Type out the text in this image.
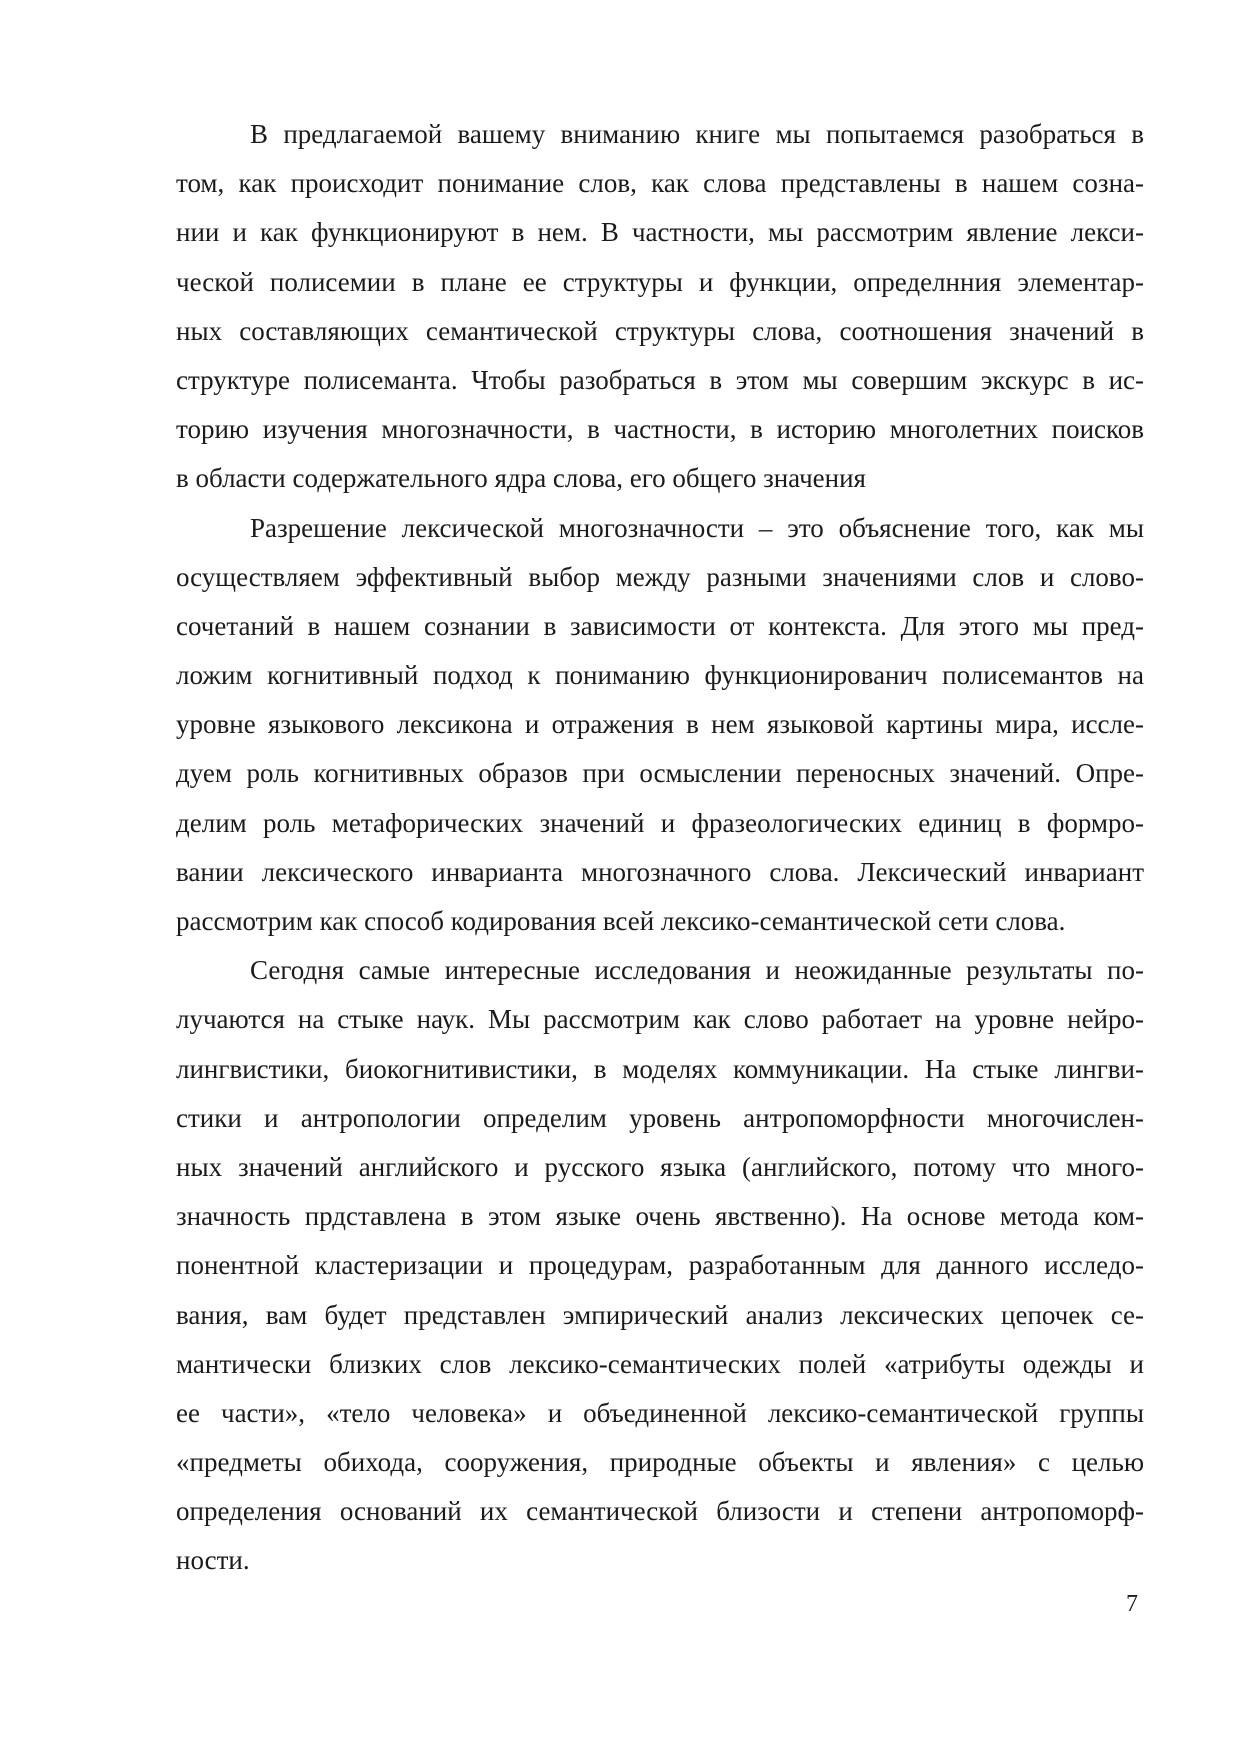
В предлагаемой вашему вниманию книге мы попытаемся разобраться в
том, как происходит понимание слов, как слова представлены в нашем созна-
нии и как функционируют в нем. В частности, мы рассмотрим явление лекси-
ческой полисемии в плане ее структуры и функции, определнния элементар-
ных составляющих семантической структуры слова, соотношения значений в
структуре полисеманта. Чтобы разобраться в этом мы совершим экскурс в ис-
торию изучения многозначности, в частности, в историю многолетних поисков
в области содержательного ядра слова, его общего значения
Разрешение лексической многозначности – это объяснение того, как мы
осуществляем эффективный выбор между разными значениями слов и слово-
сочетаний в нашем сознании в зависимости от контекста. Для этого мы пред-
ложим когнитивный подход к пониманию функционированич полисемантов на
уровне языкового лексикона и отражения в нем языковой картины мира, иссле-
дуем роль когнитивных образов при осмыслении переносных значений. Опре-
делим роль метафорических значений и фразеологических единиц в формро-
вании лексического инварианта многозначного слова. Лексический инвариант
рассмотрим как способ кодирования всей лексико-семантической сети слова.
Сегодня самые интересные исследования и неожиданные результаты по-
лучаются на стыке наук. Мы рассмотрим как слово работает на уровне нейро-
лингвистики, биокогнитивистики, в моделях коммуникации. На стыке лингви-
стики и антропологии определим уровень антропоморфности многочислен-
ных значений английского и русского языка (английского, потому что много-
значность прдставлена в этом языке очень явственно). На основе метода ком-
понентной кластеризации и процедурам, разработанным для данного исследо-
вания, вам будет представлен эмпирический анализ лексических цепочек се-
мантически близких слов лексико-семантических полей «атрибуты одежды и
ее части», «тело человека» и объединенной лексико-семантической группы
«предметы обихода, сооружения, природные объекты и явления» с целью
определения оснований их семантической близости и степени антропоморф-
ности.
7
